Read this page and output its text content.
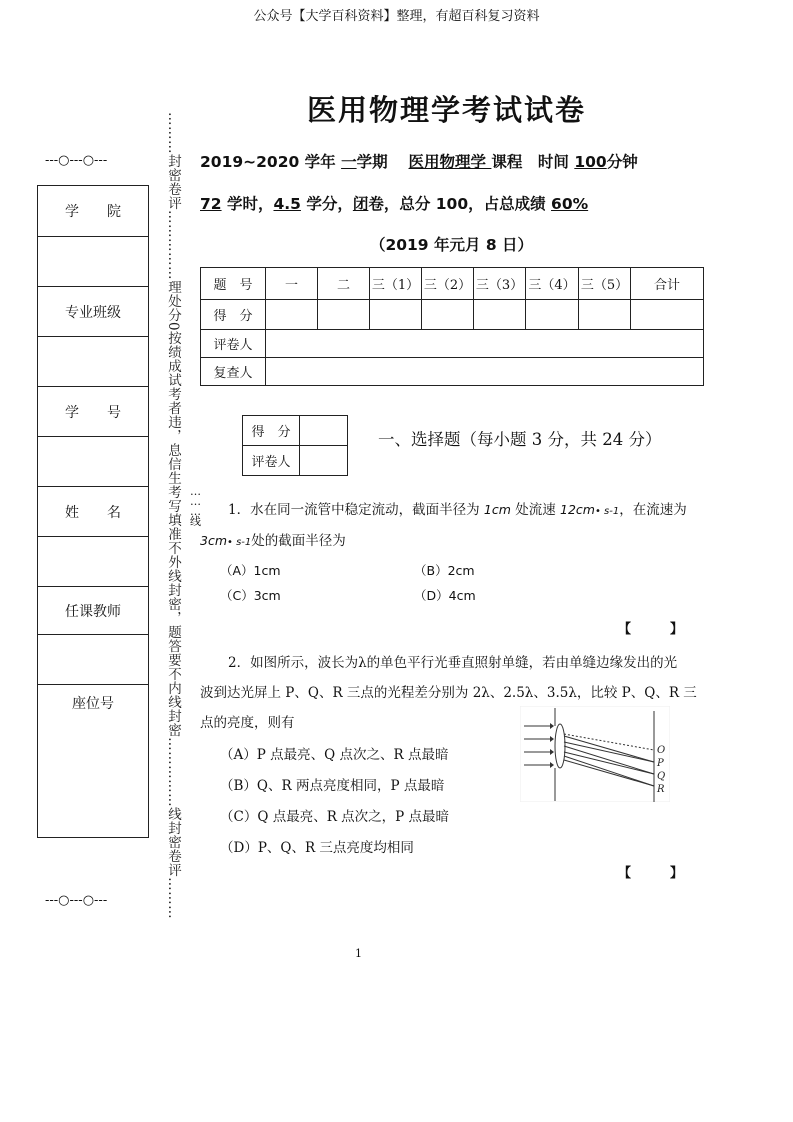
公众号【大学百科资料】整理，有超百科复习资料
医用物理学考试试卷
2019~2020 学年 一学期　 医用物理学 课程　时间 100分钟
72 学时，4.5 学分，闭卷，总分 100，占总成绩 60%
（2019 年元月 8 日）
题　号	一	二	三（1）	三（2）	三（3）	三（4）	三（5）	合计
得　分								
评卷人								
复查人								
---○---○---
学　　院

专业班级

学　　号

姓　　名

任课教师

座位号
---○---○---	………封密卷评……………理处分0按绩成试考者违，息信生考写填准不外线封密，题答要不内线封密……………线封密卷评………	得　分	
评卷人	
一、选择题（每小题 3 分，共 24 分）
…
…
…
线
1．水在同一流管中稳定流动，截面半径为 1cm 处流速 12cm• s-1，在流速为
3cm• s-1处的截面半径为
（A）1cm	（B）2cm
（C）3cm	（D）4cm
【　　　】
2．如图所示，波长为λ的单色平行光垂直照射单缝，若由单缝边缘发出的光
波到达光屏上 P、Q、R 三点的光程差分别为 2λ、2.5λ、3.5λ，比较 P、Q、R 三
点的亮度，则有
（A）P 点最亮、Q 点次之、R 点最暗
（B）Q、R 两点亮度相同，P 点最暗
（C）Q 点最亮、R 点次之，P 点最暗
（D）P、Q、R 三点亮度均相同
【　　　】
O
P
Q
R
1
